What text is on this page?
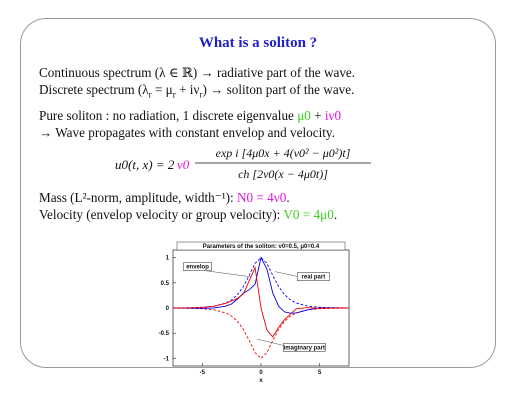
What is a soliton ?
Continuous spectrum (λ ∈ ℝ) → radiative part of the wave.
Discrete spectrum $(\lambda_r = \mu_r + i\nu_r)$ → soliton part of the wave.
Pure soliton : no radiation, 1 discrete eigenvalue μ0 + iν0
→ Wave propagates with constant envelop and velocity.
u0(t, x) = 2 ν0
exp i [4μ0x + 4(ν0² − μ0²)t]
ch [2ν0(x − 4μ0t)]
Mass (L²-norm, amplitude, width⁻¹): N0 = 4ν0.
Velocity (envelop velocity or group velocity): V0 = 4μ0.
Parameters of the soliton: ν0=0.5, μ0=0.4
1
0.5
0
-0.5
-1
-5	0	5
x
envelop
real part
imaginary part
